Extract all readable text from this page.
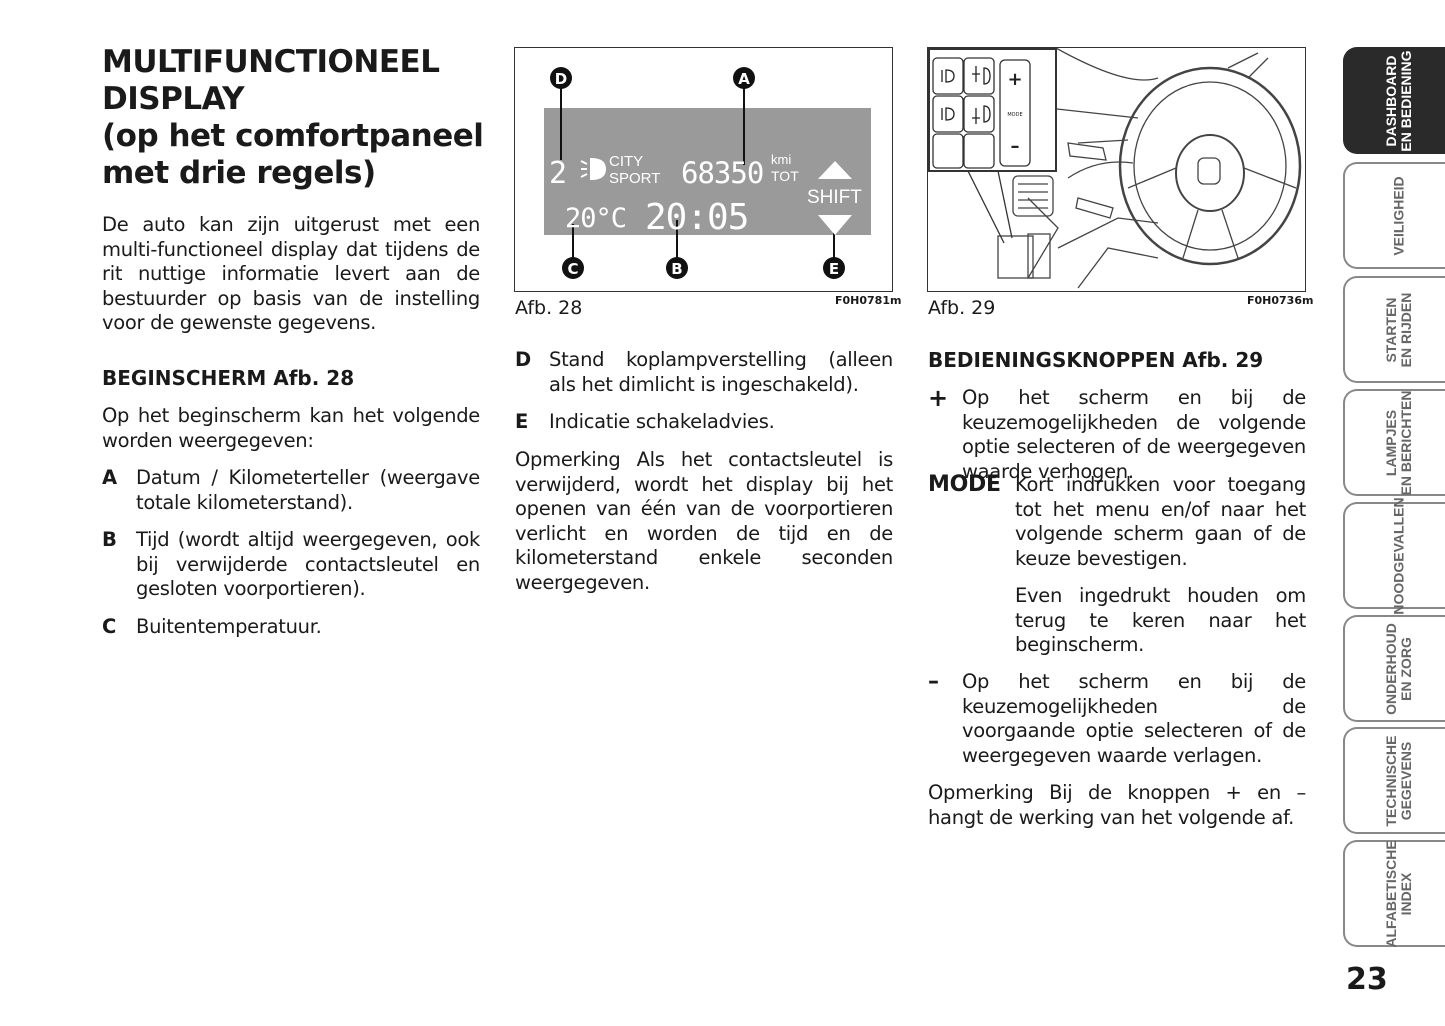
MULTIFUNCTIONEEL
DISPLAY
(op het comfortpaneel
met drie regels)
De auto kan zijn uitgerust met een multi-functioneel display dat tijdens de rit nuttige informatie levert aan de bestuurder op basis van de instelling voor de gewenste gegevens.
BEGINSCHERM Afb. 28
Op het beginscherm kan het volgende worden weergegeven:
A Datum / Kilometerteller (weergave totale kilometerstand).
B Tijd (wordt altijd weergegeven, ook bij verwijderde contactsleutel en gesloten voorportieren).
C Buitentemperatuur.
D	A
C	B	E
2	CITY
SPORT 68350 kmi
TOT
20°C 20:05	SHIFT
Afb. 28	F0H0781m
D Stand koplampverstelling (alleen als het dimlicht is ingeschakeld).
E Indicatie schakeladvies.
Opmerking Als het contactsleutel is verwijderd, wordt het display bij het openen van één van de voorportieren verlicht en worden de tijd en de kilometerstand enkele seconden weergegeven.
+
MODE
–
Afb. 29	F0H0736m
BEDIENINGSKNOPPEN Afb. 29
+ Op het scherm en bij de keuzemogelijkheden de volgende optie selecteren of de weergegeven waarde verhogen.
MODE Kort indrukken voor toegang tot het menu en/of naar het volgende scherm gaan of de keuze bevestigen.
Even ingedrukt houden om terug te keren naar het beginscherm.
– Op het scherm en bij de keuzemogelijkheden de voorgaande optie selecteren of de weergegeven waarde verlagen.
Opmerking Bij de knoppen + en – hangt de werking van het volgende af.
DASHBOARD EN BEDIENING
VEILIGHEID
STARTEN EN RIJDEN
LAMPJES EN BERICHTEN
NOODGEVALLEN
ONDERHOUD EN ZORG
TECHNISCHE GEGEVENS
ALFABETISCHE INDEX
23
